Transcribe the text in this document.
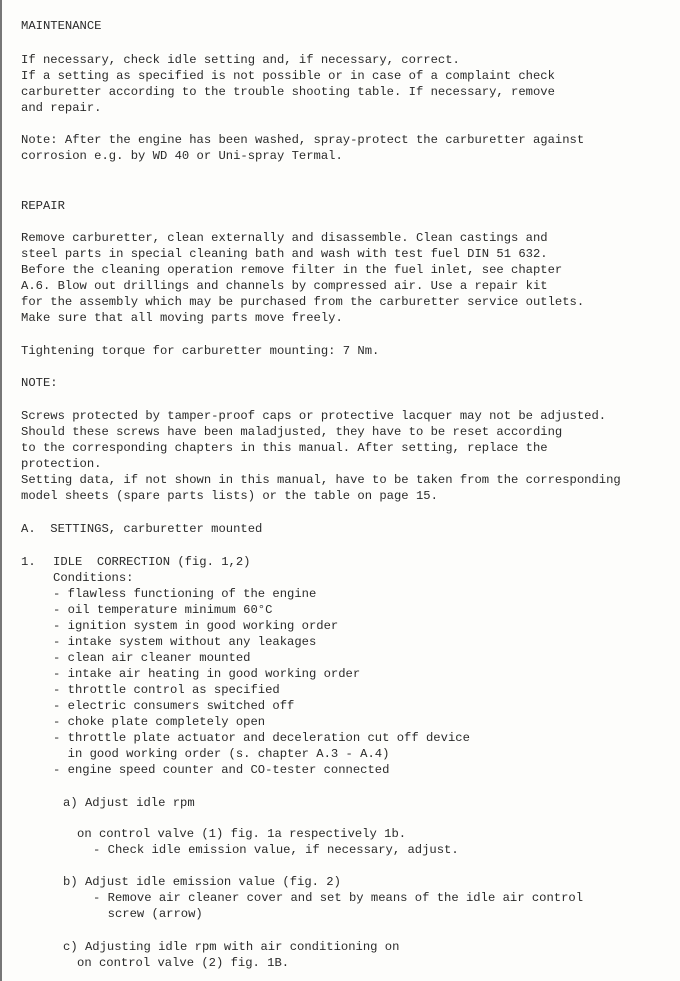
MAINTENANCE
If necessary, check idle setting and, if necessary, correct.
If a setting as specified is not possible or in case of a complaint check
carburetter according to the trouble shooting table. If necessary, remove
and repair.
Note: After the engine has been washed, spray-protect the carburetter against
corrosion e.g. by WD 40 or Uni-spray Termal.
REPAIR
Remove carburetter, clean externally and disassemble. Clean castings and
steel parts in special cleaning bath and wash with test fuel DIN 51 632.
Before the cleaning operation remove filter in the fuel inlet, see chapter
A.6. Blow out drillings and channels by compressed air. Use a repair kit
for the assembly which may be purchased from the carburetter service outlets.
Make sure that all moving parts move freely.
Tightening torque for carburetter mounting: 7 Nm.
NOTE:
Screws protected by tamper-proof caps or protective lacquer may not be adjusted.
Should these screws have been maladjusted, they have to be reset according
to the corresponding chapters in this manual. After setting, replace the
protection.
Setting data, if not shown in this manual, have to be taken from the corresponding
model sheets (spare parts lists) or the table on page 15.
A.  SETTINGS, carburetter mounted
1. IDLE  CORRECTION (fig. 1,2)
Conditions:
- flawless functioning of the engine
- oil temperature minimum 60°C
- ignition system in good working order
- intake system without any leakages
- clean air cleaner mounted
- intake air heating in good working order
- throttle control as specified
- electric consumers switched off
- choke plate completely open
- throttle plate actuator and deceleration cut off device
in good working order (s. chapter A.3 - A.4)
- engine speed counter and CO-tester connected
a) Adjust idle rpm
on control valve (1) fig. 1a respectively 1b.
- Check idle emission value, if necessary, adjust.
b) Adjust idle emission value (fig. 2)
- Remove air cleaner cover and set by means of the idle air control
screw (arrow)
c) Adjusting idle rpm with air conditioning on
on control valve (2) fig. 1B.
